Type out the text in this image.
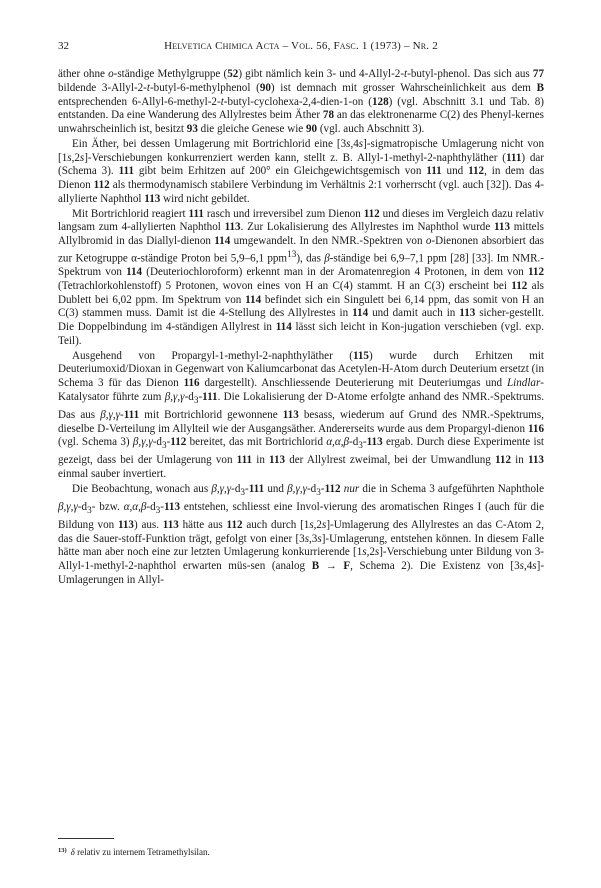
32	Helvetica Chimica Acta – Vol. 56, Fasc. 1 (1973) – Nr. 2

äther ohne o-ständige Methylgruppe (52) gibt nämlich kein 3- und 4-Allyl-2-t-butyl-phenol. Das sich aus 77 bildende 3-Allyl-2-t-butyl-6-methylphenol (90) ist demnach mit grosser Wahrscheinlichkeit aus dem B entsprechenden 6-Allyl-6-methyl-2-t-butyl-cyclohexa-2,4-dien-1-on (128) (vgl. Abschnitt 3.1 und Tab. 8) entstanden. Da eine Wanderung des Allylrestes beim Äther 78 an das elektronenarme C(2) des Phenyl-kernes unwahrscheinlich ist, besitzt 93 die gleiche Genese wie 90 (vgl. auch Abschnitt 3).

Ein Äther, bei dessen Umlagerung mit Bortrichlorid eine [3s,4s]-sigmatropische Umlagerung nicht von [1s,2s]-Verschiebungen konkurrenziert werden kann, stellt z. B. Allyl-1-methyl-2-naphthyläther (111) dar (Schema 3). 111 gibt beim Erhitzen auf 200° ein Gleichgewichtsgemisch von 111 und 112, in dem das Dienon 112 als thermodynamisch stabilere Verbindung im Verhältnis 2:1 vorherrscht (vgl. auch [32]). Das 4-allylierte Naphthol 113 wird nicht gebildet.

Mit Bortrichlorid reagiert 111 rasch und irreversibel zum Dienon 112 und dieses im Vergleich dazu relativ langsam zum 4-allylierten Naphthol 113. Zur Lokalisierung des Allylrestes im Naphthol wurde 113 mittels Allylbromid in das Diallyl-dienon 114 umgewandelt. In den NMR.-Spektren von o-Dienonen absorbiert das zur Ketogruppe α-ständige Proton bei 5,9–6,1 ppm$^{13}$), das β-ständige bei 6,9–7,1 ppm [28] [33]. Im NMR.-Spektrum von 114 (Deuteriochloroform) erkennt man in der Aromatenregion 4 Protonen, in dem von 112 (Tetrachlorkohlenstoff) 5 Protonen, wovon eines von H an C(4) stammt. H an C(3) erscheint bei 112 als Dublett bei 6,02 ppm. Im Spektrum von 114 befindet sich ein Singulett bei 6,14 ppm, das somit von H an C(3) stammen muss. Damit ist die 4-Stellung des Allylrestes in 114 und damit auch in 113 sicher-gestellt. Die Doppelbindung im 4-ständigen Allylrest in 114 lässt sich leicht in Kon-jugation verschieben (vgl. exp. Teil).

Ausgehend von Propargyl-1-methyl-2-naphthyläther (115) wurde durch Erhitzen mit Deuteriumoxid/Dioxan in Gegenwart von Kaliumcarbonat das Acetylen-H-Atom durch Deuterium ersetzt (in Schema 3 für das Dienon 116 dargestellt). Anschliessende Deuterierung mit Deuteriumgas und Lindlar-Katalysator führte zum $\beta,\gamma,\gamma-d_3-111$. Die Lokalisierung der D-Atome erfolgte anhand des NMR.-Spektrums. Das aus β,γ,γ-111 mit Bortrichlorid gewonnene 113 besass, wiederum auf Grund des NMR.-Spektrums, dieselbe D-Verteilung im Allylteil wie der Ausgangsäther. Andererseits wurde aus dem Propargyl-dienon 116 (vgl. Schema 3) $\beta,\gamma,\gamma-d_3-112$ bereitet, das mit Bortrichlorid $\alpha,\alpha,\beta-d_3-113$ ergab. Durch diese Experimente ist gezeigt, dass bei der Umlagerung von 111 in 113 der Allylrest zweimal, bei der Umwandlung 112 in 113 einmal sauber invertiert.

Die Beobachtung, wonach aus $\beta,\gamma,\gamma-d_3-111$ und $\beta,\gamma,\gamma-d_3-112$ nur die in Schema 3 aufgeführten Naphthole $\beta,\gamma,\gamma-d_3-$ bzw. $\alpha,\alpha,\beta-d_3-113$ entstehen, schliesst eine Invol-vierung des aromatischen Ringes I (auch für die Bildung von 113) aus. 113 hätte aus 112 auch durch [1s,2s]-Umlagerung des Allylrestes an das C-Atom 2, das die Sauer-stoff-Funktion trägt, gefolgt von einer [3s,3s]-Umlagerung, entstehen können. In diesem Falle hätte man aber noch eine zur letzten Umlagerung konkurrierende [1s,2s]-Verschiebung unter Bildung von 3-Allyl-1-methyl-2-naphthol erwarten müs-sen (analog B → F, Schema 2). Die Existenz von [3s,4s]-Umlagerungen in Allyl-

$^{13)}$ δ relativ zu internem Tetramethylsilan.
